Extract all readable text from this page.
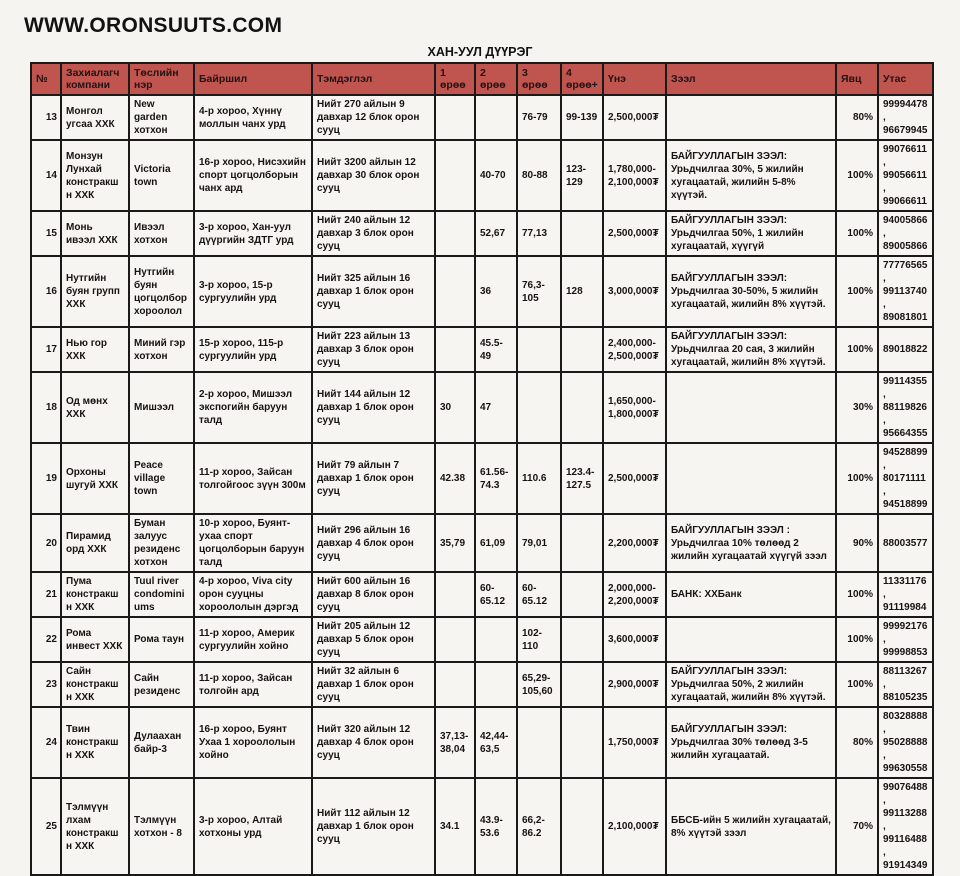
WWW.ORONSUUTS.COM
ХАН-УУЛ ДҮҮРЭГ
№	Захиалагч компани	Төслийн нэр	Байршил	Тэмдэглэл	1 өрөө	2 өрөө	3 өрөө	4 өрөө+	Үнэ	Зээл	Явц	Утас
13	Монгол угсаа ХХК	New garden хотхон	4-р хороо, Хүннү моллын чанх урд	Нийт 270 айлын 9 давхар 12 блок орон сууц			76-79	99-139	2,500,000₮		80%	99994478, 96679945
14	Монзун Лунхай констракшн ХХК	Victoria town	16-р хороо, Нисэхийн спорт цогцолборын чанх ард	Нийт 3200 айлын 12 давхар 30 блок орон сууц		40-70	80-88	123-129	1,780,000-2,100,000₮	БАЙГУУЛЛАГЫН ЗЭЭЛ: Урьдчилгаа 30%, 5 жилийн хугацаатай, жилийн 5-8% хүүтэй.	100%	99076611, 99056611, 99066611
15	Монь ивээл ХХК	Ивээл хотхон	3-р хороо, Хан-уул дүүргийн ЗДТГ урд	Нийт 240 айлын 12 давхар 3 блок орон сууц		52,67	77,13		2,500,000₮	БАЙГУУЛЛАГЫН ЗЭЭЛ: Урьдчилгаа 50%, 1 жилийн хугацаатай, хүүгүй	100%	94005866, 89005866
16	Нутгийн буян групп ХХК	Нутгийн буян цогцолбор хороолол	3-р хороо, 15-р сургуулийн урд	Нийт 325 айлын 16 давхар 1 блок орон сууц		36	76,3-105	128	3,000,000₮	БАЙГУУЛЛАГЫН ЗЭЭЛ: Урьдчилгаа 30-50%, 5 жилийн хугацаатай, жилийн 8% хүүтэй.	100%	77776565, 99113740, 89081801
17	Нью гор ХХК	Миний гэр хотхон	15-р хороо, 115-р сургуулийн урд	Нийт 223 айлын 13 давхар 3 блок орон сууц		45.5-49			2,400,000-2,500,000₮	БАЙГУУЛЛАГЫН ЗЭЭЛ: Урьдчилгаа 20 сая, 3 жилийн хугацаатай, жилийн 8% хүүтэй.	100%	89018822
18	Од мөнх ХХК	Мишээл	2-р хороо, Мишээл экспогийн баруун талд	Нийт 144 айлын 12 давхар 1 блок орон сууц	30	47			1,650,000-1,800,000₮		30%	99114355, 88119826, 95664355
19	Орхоны шугуй ХХК	Peace village town	11-р хороо, Зайсан толгойгоос зүүн 300м	Нийт 79 айлын 7 давхар 1 блок орон сууц	42.38	61.56-74.3	110.6	123.4-127.5	2,500,000₮		100%	94528899, 80171111, 94518899
20	Пирамид орд ХХК	Буман залуус резиденс хотхон	10-р хороо, Буянт-ухаа спорт цогцолборын баруун талд	Нийт 296 айлын 16 давхар 4 блок орон сууц	35,79	61,09	79,01		2,200,000₮	БАЙГУУЛЛАГЫН ЗЭЭЛ : Урьдчилгаа 10% төлөөд 2 жилийн хугацаатай хүүгүй зээл	90%	88003577
21	Пума констракшн ХХК	Tuul river condominiums	4-р хороо, Viva city орон сууцны хороололын дэргэд	Нийт 600 айлын 16 давхар 8 блок орон сууц		60-65.12	60-65.12		2,000,000-2,200,000₮	БАНК: ХХБанк	100%	11331176, 91119984
22	Рома инвест ХХК	Рома таун	11-р хороо, Америк сургуулийн хойно	Нийт 205 айлын 12 давхар 5 блок орон сууц			102-110		3,600,000₮		100%	99992176, 99998853
23	Сайн констракшн ХХК	Сайн резиденс	11-р хороо, Зайсан толгойн ард	Нийт 32 айлын 6 давхар 1 блок орон сууц			65,29-105,60		2,900,000₮	БАЙГУУЛЛАГЫН ЗЭЭЛ: Урьдчилгаа 50%, 2 жилийн хугацаатай, жилийн 8% хүүтэй.	100%	88113267, 88105235
24	Твин констракшн ХХК	Дулаахан байр-3	16-р хороо, Буянт Ухаа 1 хороололын хойно	Нийт 320 айлын 12 давхар 4 блок орон сууц	37,13-38,04	42,44-63,5			1,750,000₮	БАЙГУУЛЛАГЫН ЗЭЭЛ: Урьдчилгаа 30% төлөөд 3-5 жилийн хугацаатай.	80%	80328888, 95028888, 99630558
25	Тэлмүүн лхам констракшн ХХК	Тэлмүүн хотхон - 8	3-р хороо, Алтай хотхоны урд	Нийт 112 айлын 12 давхар 1 блок орон сууц	34.1	43.9-53.6	66,2-86.2		2,100,000₮	ББСБ-ийн 5 жилийн хугацаатай, 8% хүүтэй зээл	70%	99076488, 99113288, 99116488, 91914349
